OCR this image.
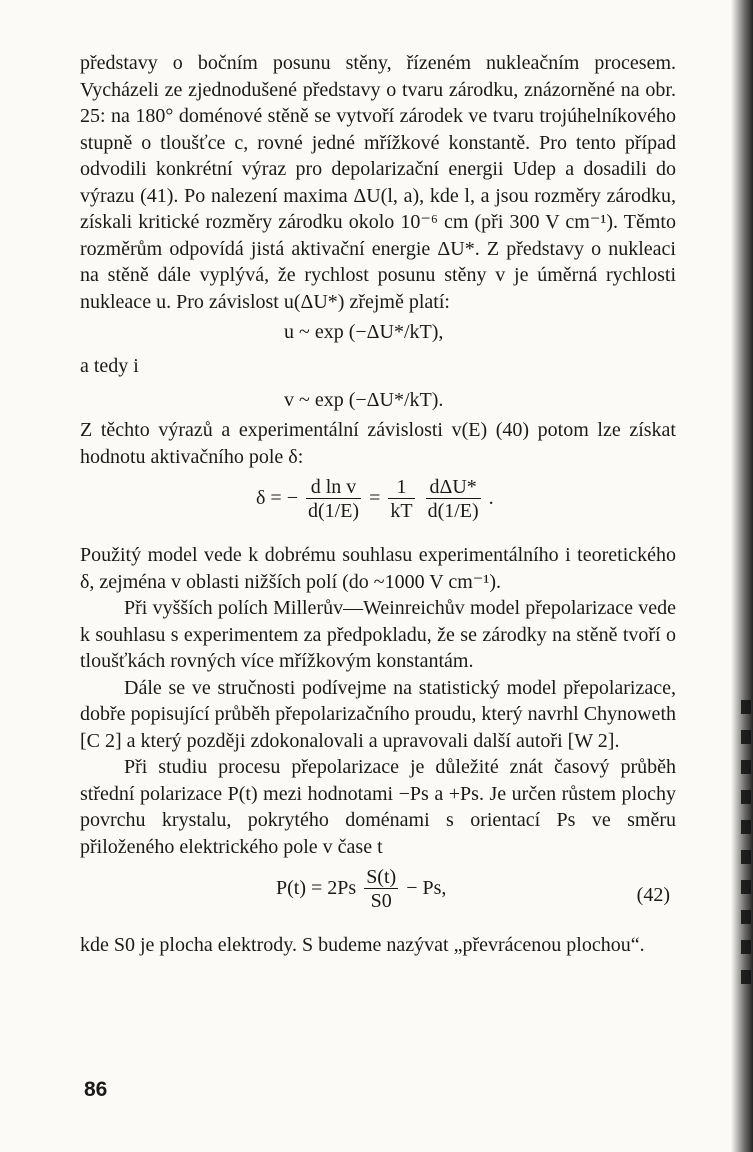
představy o bočním posunu stěny, řízeném nukleačním procesem. Vycházeli ze zjednodušené představy o tvaru zárodku, znázorněné na obr. 25: na 180° doménové stěně se vytvoří zárodek ve tvaru trojúhelníkového stupně o tloušťce c, rovné jedné mřížkové konstantě. Pro tento případ odvodili konkrétní výraz pro depolarizační energii Udep a dosadili do výrazu (41). Po nalezení maxima ΔU(l, a), kde l, a jsou rozměry zárodku, získali kritické rozměry zárodku okolo 10⁻⁶ cm (při 300 V cm⁻¹). Těmto rozměrům odpovídá jistá aktivační energie ΔU*. Z představy o nukleaci na stěně dále vyplývá, že rychlost posunu stěny v je úměrná rychlosti nukleace u. Pro závislost u(ΔU*) zřejmě platí:

u ~ exp (−ΔU*/kT),

a tedy i

v ~ exp (−ΔU*/kT).

Z těchto výrazů a experimentální závislosti v(E) (40) potom lze získat hodnotu aktivačního pole δ:

δ = − $\frac{\text{d ln v}}{d(1/E)} = \frac{1}{kT}$
$\frac{\text{dΔU*}}{d(1/E)}$ .

Použitý model vede k dobrému souhlasu experimentálního i teoretického δ, zejména v oblasti nižších polí (do ~1000 V cm⁻¹).

Při vyšších polích Millerův—Weinreichův model přepolarizace vede k souhlasu s experimentem za předpokladu, že se zárodky na stěně tvoří o tloušťkách rovných více mřížkovým konstantám.

Dále se ve stručnosti podívejme na statistický model přepolarizace, dobře popisující průběh přepolarizačního proudu, který navrhl Chynoweth [C 2] a který později zdokonalovali a upravovali další autoři [W 2].

Při studiu procesu přepolarizace je důležité znát časový průběh střední polarizace P(t) mezi hodnotami −Ps a +Ps. Je určen růstem plochy povrchu krystalu, pokrytého doménami s orientací Ps ve směru přiloženého elektrického pole v čase t

$P(t) = 2Ps \frac{S(t)}{S0} - Ps$,	(42)

kde S0 je plocha elektrody. S budeme nazývat „převrácenou plochou“.

86
